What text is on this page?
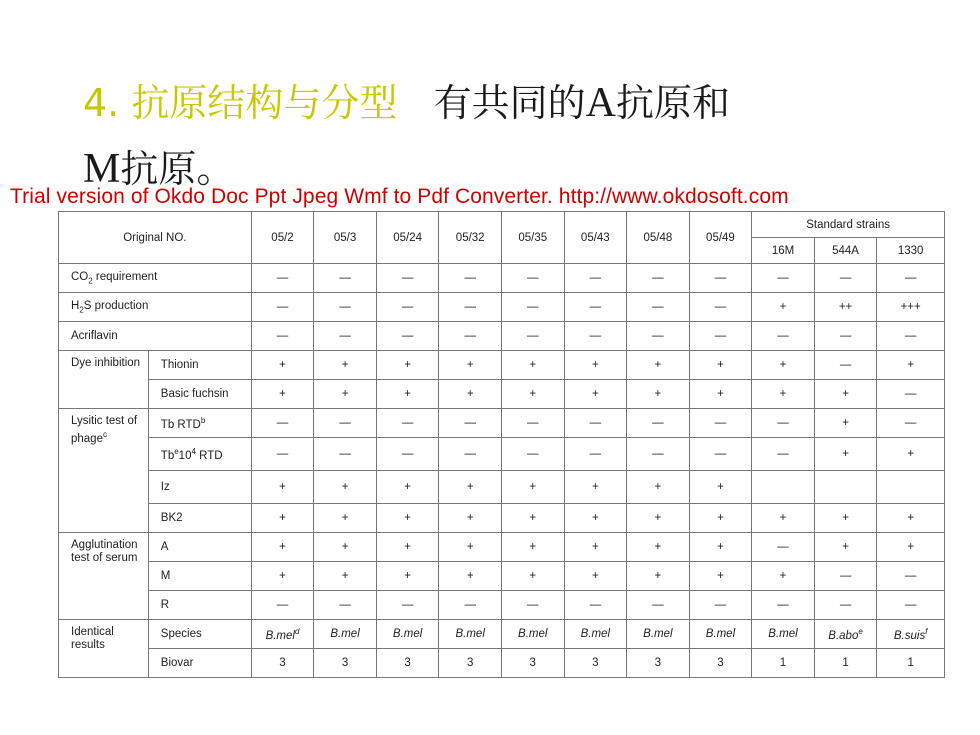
4. 抗原结构与分型 有共同的A抗原和
M抗原。
Trial version of Okdo Doc Ppt Jpeg Wmf to Pdf Converter. http://www.okdosoft.com
Original NO.		05/2	05/3	05/24	05/32	05/35	05/43	05/48	05/49	Standard strains		
										16M	544A	1330
$CO_2$ requirement		—	—	—	—	—	—	—	—	—	—	—
$H_2S$ production		—	—	—	—	—	—	—	—	+	++	+++
Acriflavin		—	—	—	—	—	—	—	—	—	—	—
Dye inhibition	Thionin	+	+	+	+	+	+	+	+	+	—	+
	Basic fuchsin	+	+	+	+	+	+	+	+	+	+	—
Lysitic test of phage$^c$	Tb RTD$^b$	—	—	—	—	—	—	—	—	—	+	—
	$Tb^e10^4$ RTD	—	—	—	—	—	—	—	—	—	+	+
	Iz	+	+	+	+	+	+	+	+			
	BK2	+	+	+	+	+	+	+	+	+	+	+
Agglutination test of serum	A	+	+	+	+	+	+	+	+	—	+	+
	M	+	+	+	+	+	+	+	+	+	—	—
	R	—	—	—	—	—	—	—	—	—	—	—
Identical results	Species	B.mel$^d$	B.mel	B.mel	B.mel	B.mel	B.mel	B.mel	B.mel	B.mel	B.abo$^e$	B.suis$^f$
	Biovar	3	3	3	3	3	3	3	3	1	1	1
